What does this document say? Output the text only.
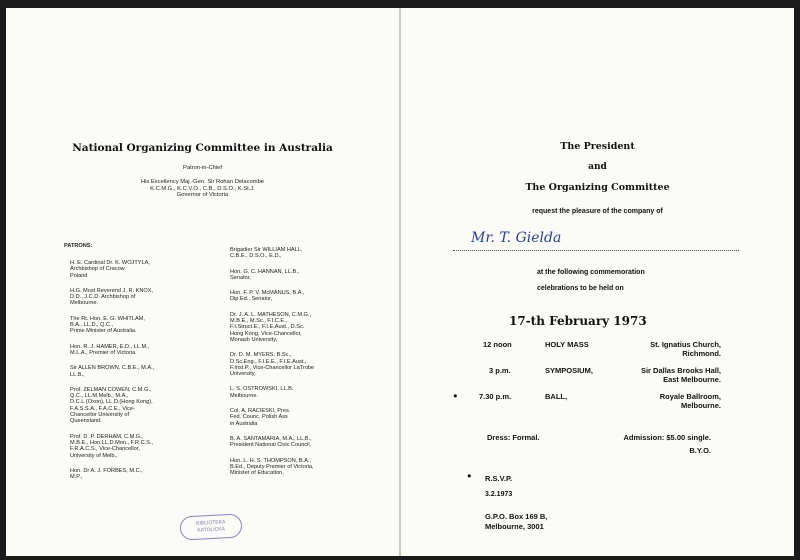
National Organizing Committee in Australia
Patron-in-Chief
His Excellency Maj.-Gen. Sir Rohan Delacombe
K.C.M.G., K.C.V.O., C.B., D.S.O., K.St.J.
Governor of Victoria
PATRONS:
H. E. Cardinal Dr. K. WOJTYLA,
Archbishop of Cracow
Poland
H.G. Most Reverend J. R. KNOX,
D.D., J.C.D. Archbishop of
Melbourne.
The Rt. Hon. E. G. WHITLAM,
B.A., LL.D., Q.C.,
Prime Minister of Australia.
Hon. R. J. HAMER, E.D., LL.M.,
M.L.A., Premier of Victoria.
Sir ALLEN BROWN, C.B.E., M.A.,
LL.B.,
Prof. ZELMAN COWEN, C.M.G.,
Q.C., LL.M.Melb., M.A.,
D.C.L.(Oxon), LL.D.(Hong Kong),
F.A.S.S.A., F.A.C.E., Vice-
Chancellor University of
Queensland.
Prof. D. P. DERHAM, C.M.G.,
M.B.E., Hon.LL.D.Mon., F.R.C.S.,
F.R.A.C.S., Vice-Chancellor,
University of Melb.,
Hon. Dr A. J. FORBES, M.C.,
M.P.,
Brigadier Sir WILLIAM HALL,
C.B.E., D.S.O., E.D.,
Hon. G. C. HANNAN, LL.B.,
Senator,
Hon. F. P. V. McMANUS, B.A.,
Dip.Ed., Senator,
Dr. J. A. L. MATHESON, C.M.G.,
M.B.E., M.Sc., F.I.C.E.,
F.I.Struct.E., F.I.E.Aust., D.Sc.
Hong Kong, Vice-Chancellor,
Monash University,
Dr. D. M. MYERS, B.Sc.,
D.Sc.Eng., F.I.E.E., F.I.E.Aust.,
F.Inst.P., Vice-Chancellor LaTrobe
University,
L. S. OSTROWSKI, LL.B.
Melbourne.
Col. A. RACIESKI, Pres.
Fed. Counc. Polish Ass
in Australia
B. A. SANTAMARIA, M.A., LL.B.,
President National Civic Council,
Hon. L. H. S. THOMPSON, B.A.,
B.Ed., Deputy Premier of Victoria,
Minister of Education,
BIBLIOTEKA
KATOLICKA
The President
and
The Organizing Committee
request the pleasure of the company of
Mr. T. Gielda
at the following commemoration
celebrations to be held on
17-th February 1973
12 noon	HOLY MASS	St. Ignatius Church,
Richmond.
3 p.m.	SYMPOSIUM,	Sir Dallas Brooks Hall,
East Melbourne.
●	7.30 p.m.	BALL,	Royale Ballroom,
Melbourne.
Dress: Formal.	Admission: $5.00 single.
B.Y.O.
● R.S.V.P.
3.2.1973
G.P.O. Box 169 B,
Melbourne, 3001
